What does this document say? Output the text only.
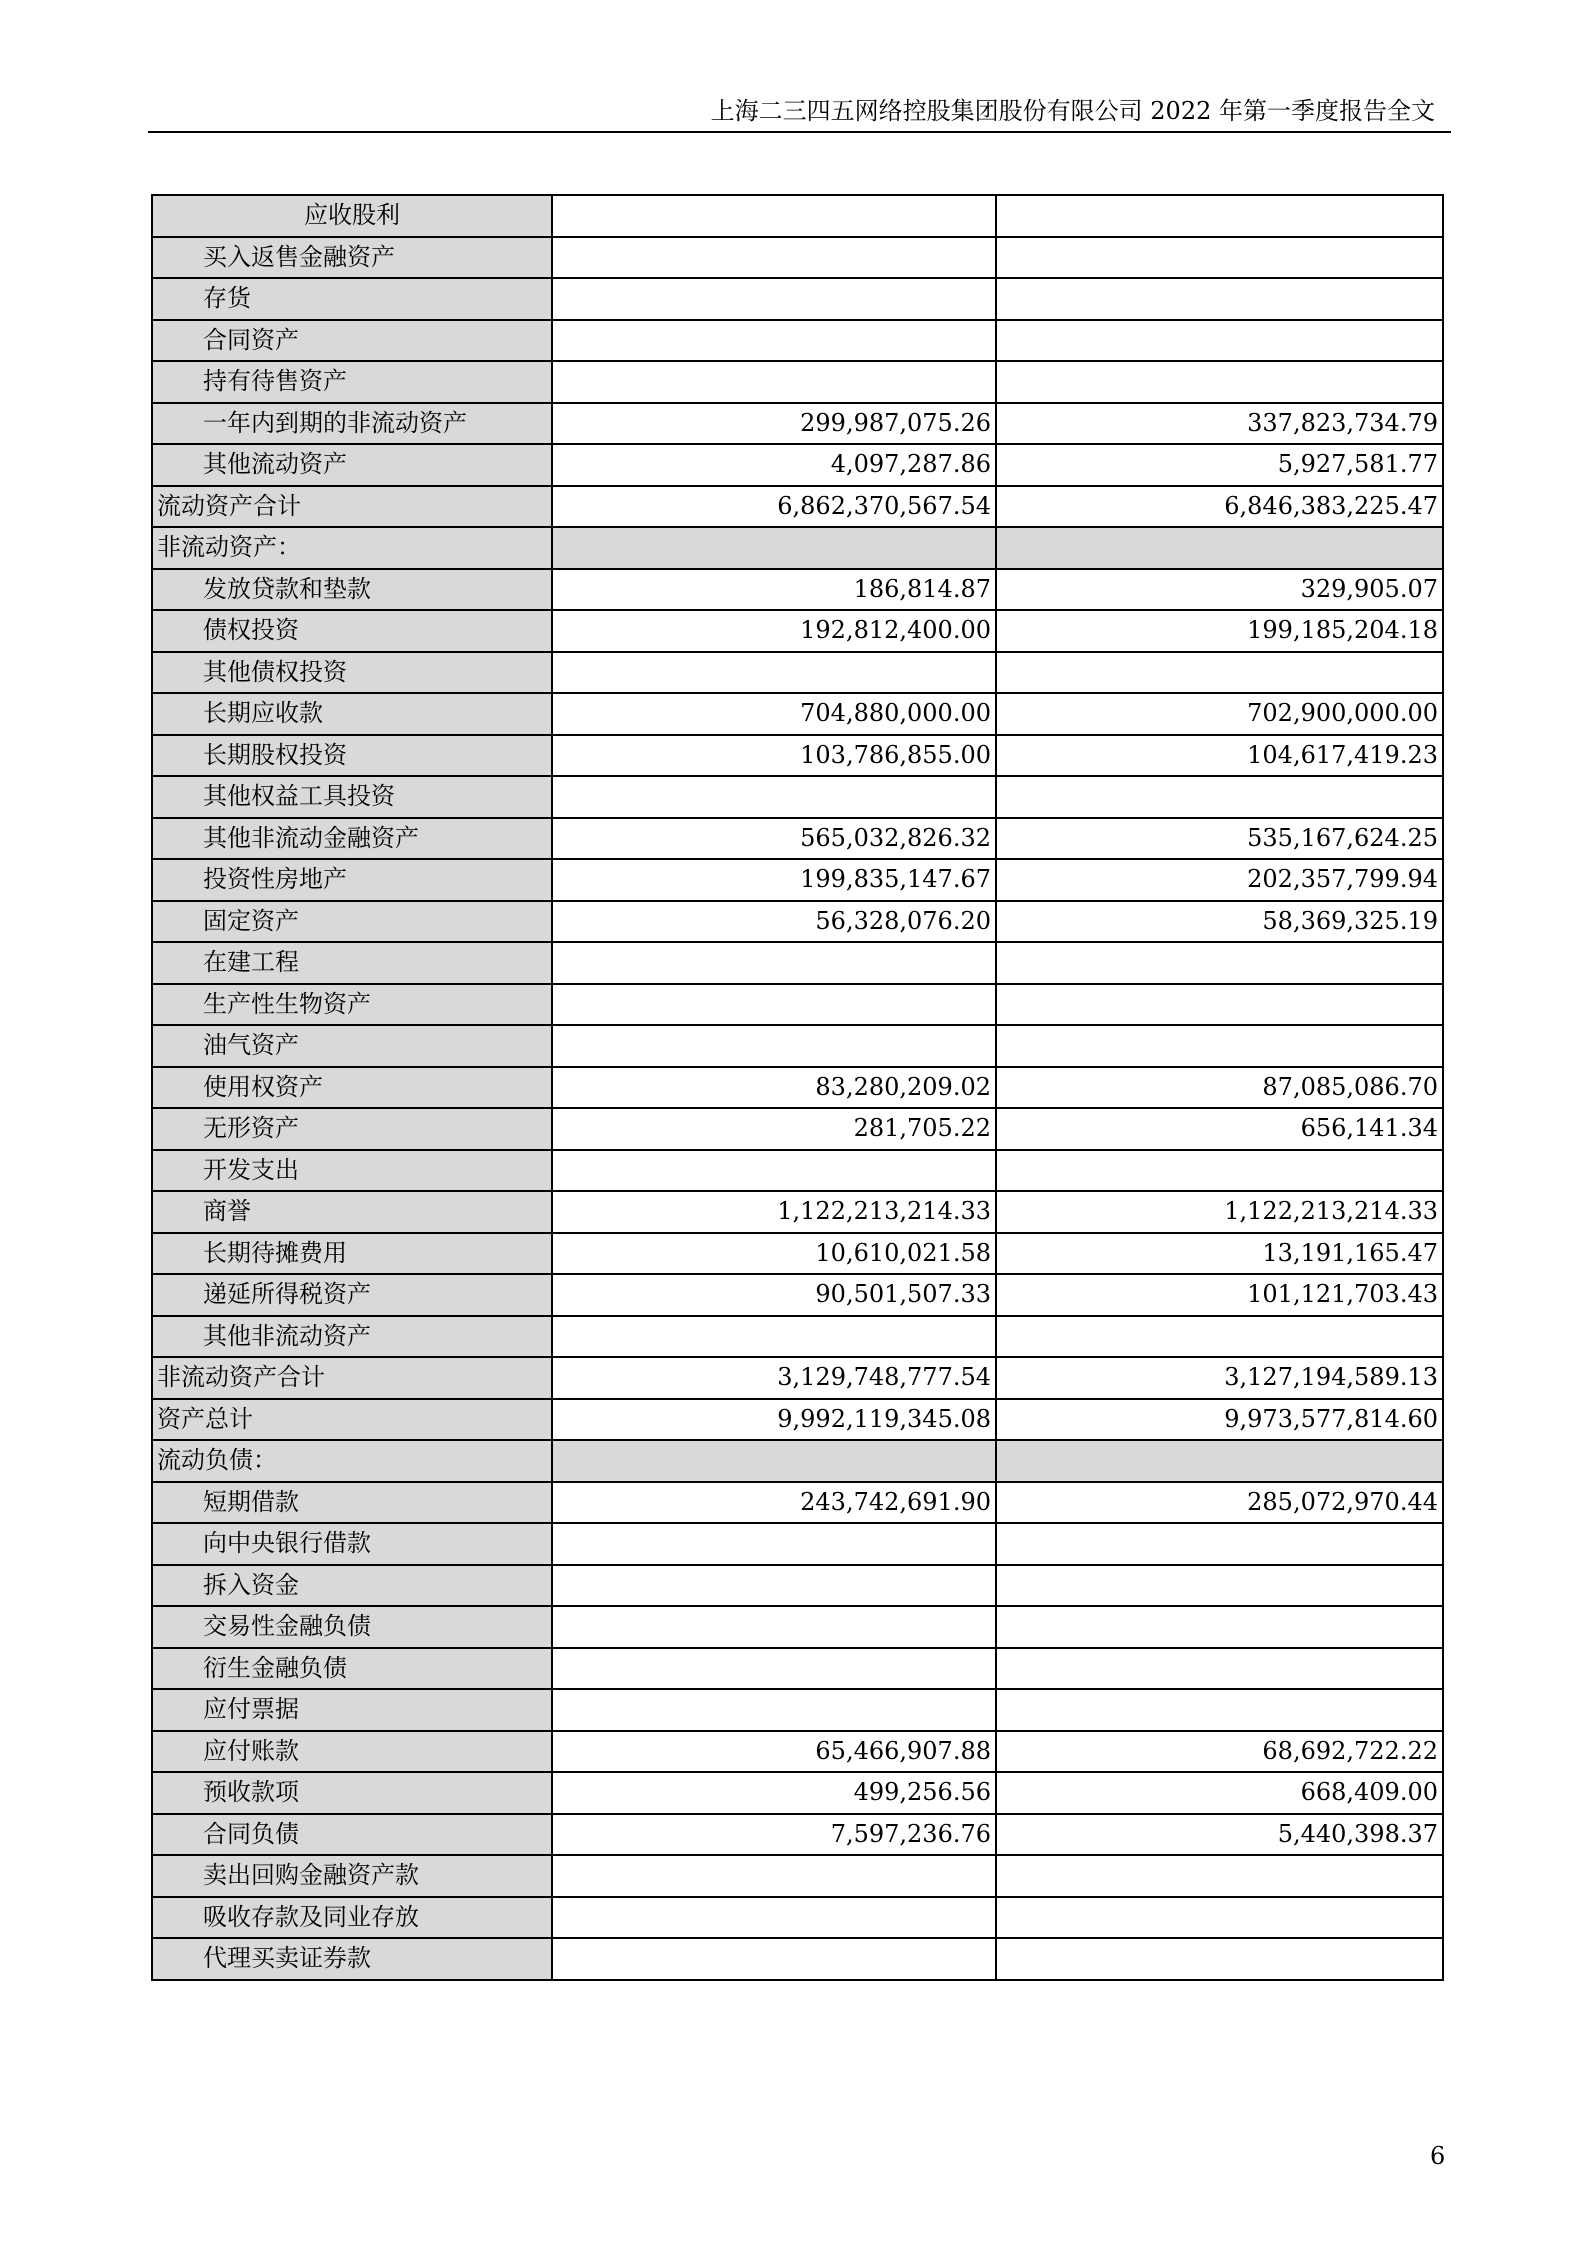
上海二三四五网络控股集团股份有限公司 2022 年第一季度报告全文
应收股利		
买入返售金融资产		
存货		
合同资产		
持有待售资产		
一年内到期的非流动资产	299,987,075.26	337,823,734.79
其他流动资产	4,097,287.86	5,927,581.77
流动资产合计	6,862,370,567.54	6,846,383,225.47
非流动资产：		
发放贷款和垫款	186,814.87	329,905.07
债权投资	192,812,400.00	199,185,204.18
其他债权投资		
长期应收款	704,880,000.00	702,900,000.00
长期股权投资	103,786,855.00	104,617,419.23
其他权益工具投资		
其他非流动金融资产	565,032,826.32	535,167,624.25
投资性房地产	199,835,147.67	202,357,799.94
固定资产	56,328,076.20	58,369,325.19
在建工程		
生产性生物资产		
油气资产		
使用权资产	83,280,209.02	87,085,086.70
无形资产	281,705.22	656,141.34
开发支出		
商誉	1,122,213,214.33	1,122,213,214.33
长期待摊费用	10,610,021.58	13,191,165.47
递延所得税资产	90,501,507.33	101,121,703.43
其他非流动资产		
非流动资产合计	3,129,748,777.54	3,127,194,589.13
资产总计	9,992,119,345.08	9,973,577,814.60
流动负债：		
短期借款	243,742,691.90	285,072,970.44
向中央银行借款		
拆入资金		
交易性金融负债		
衍生金融负债		
应付票据		
应付账款	65,466,907.88	68,692,722.22
预收款项	499,256.56	668,409.00
合同负债	7,597,236.76	5,440,398.37
卖出回购金融资产款		
吸收存款及同业存放		
代理买卖证券款		
6
